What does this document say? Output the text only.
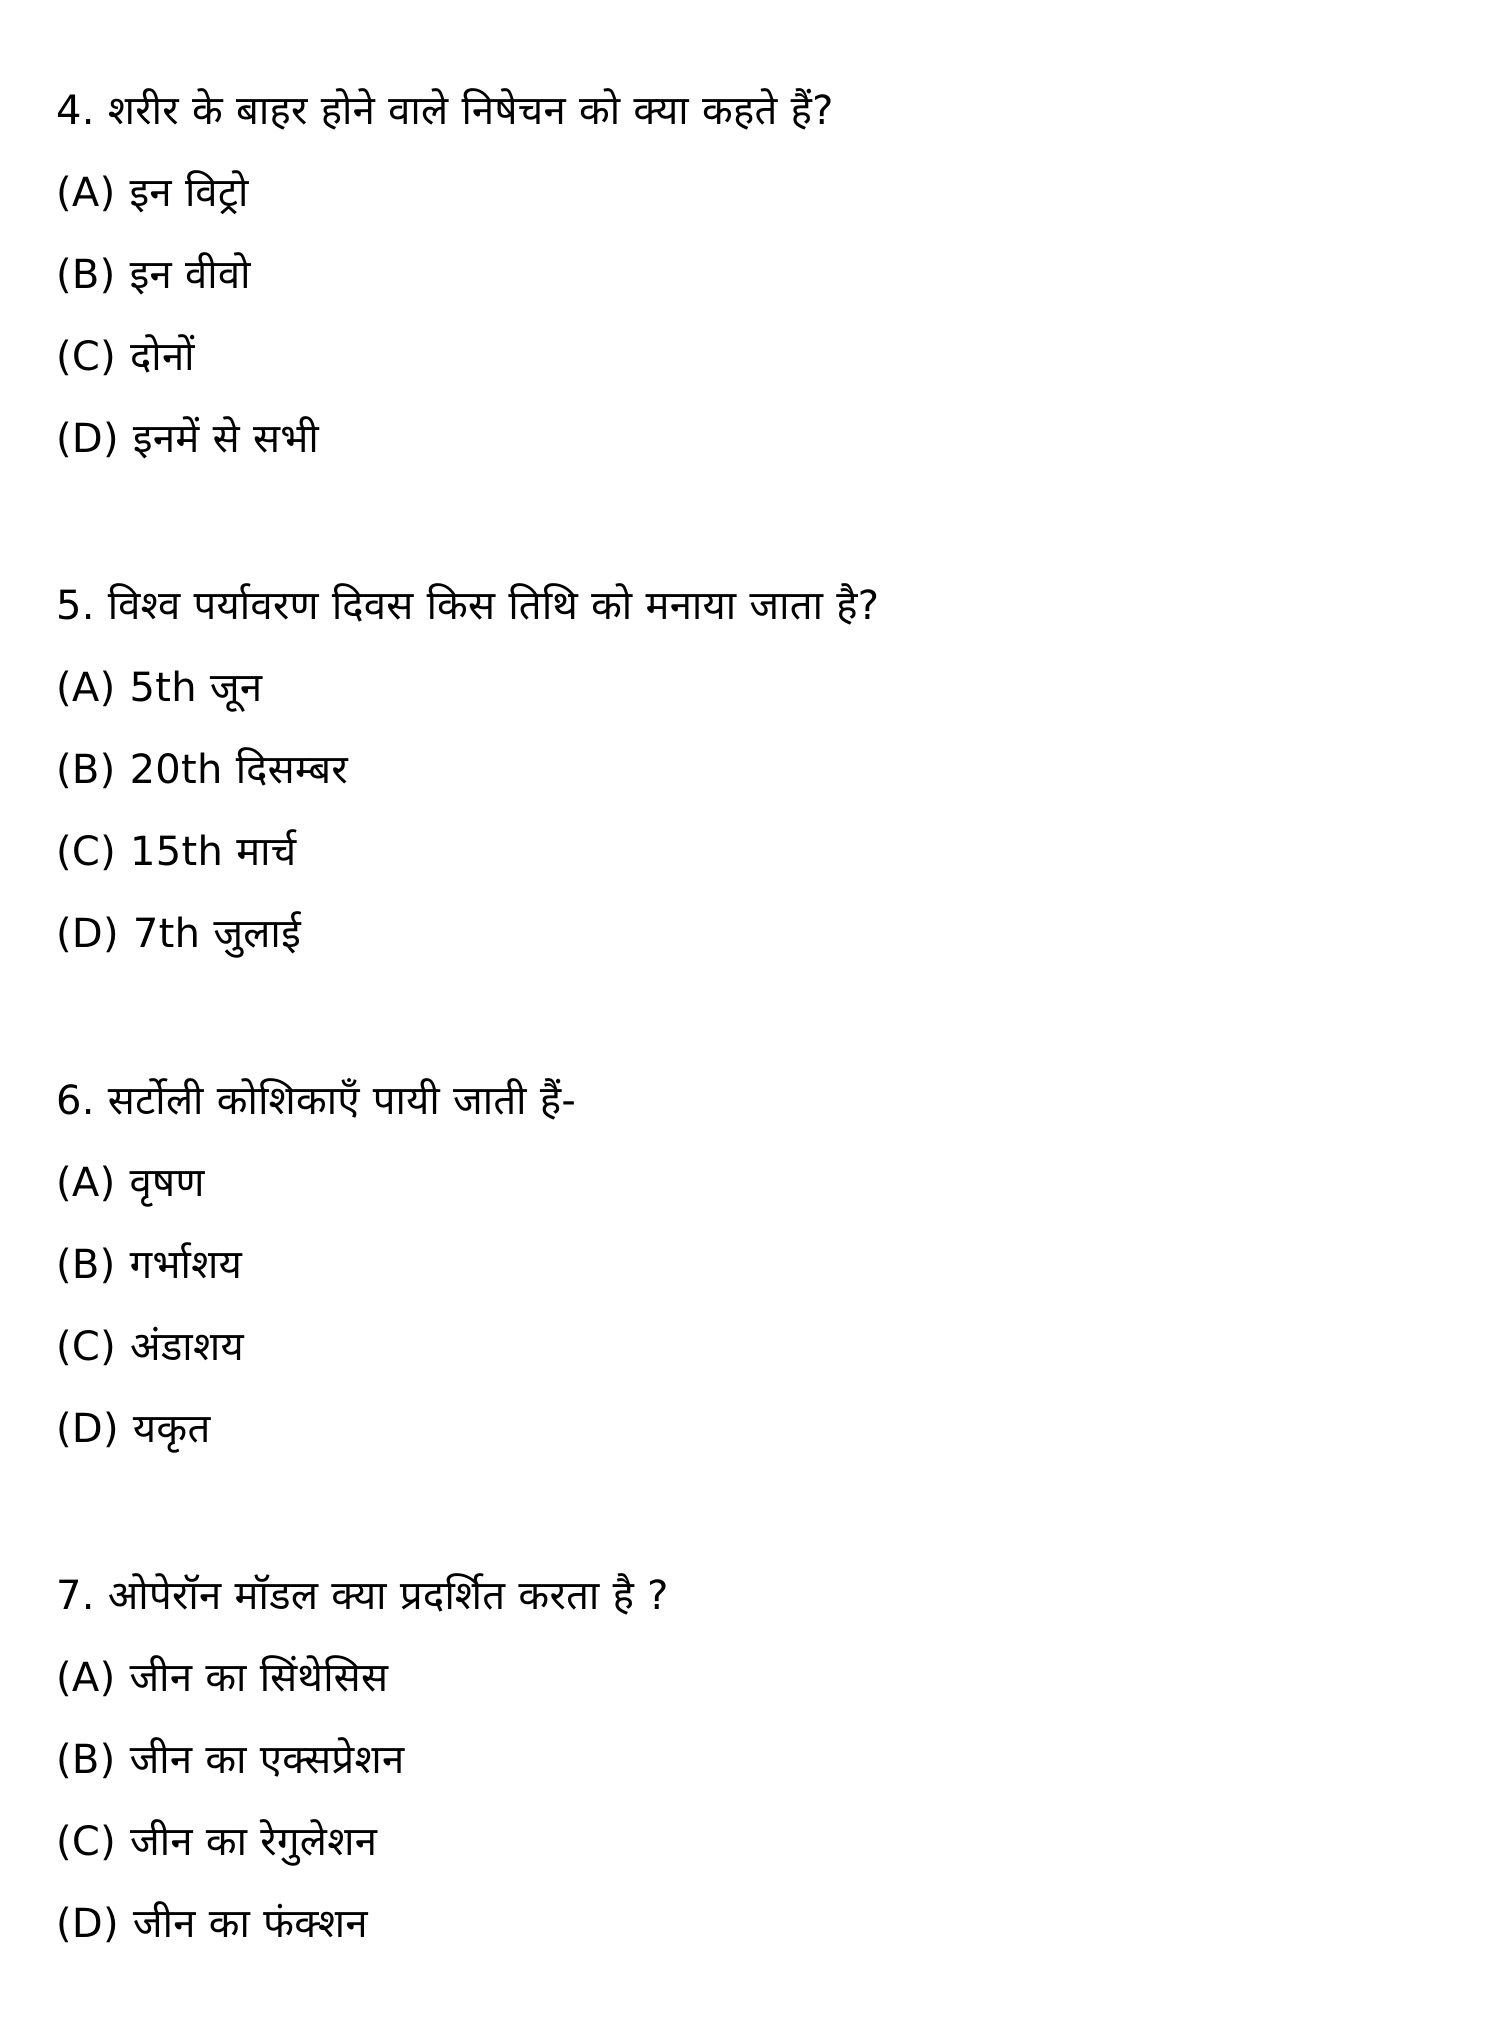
4. शरीर के बाहर होने वाले निषेचन को क्या कहते हैं?
(A) इन विट्रो
(B) इन वीवो
(C) दोनों
(D) इनमें से सभी
5. विश्व पर्यावरण दिवस किस तिथि को मनाया जाता है?
(A) 5th जून
(B) 20th दिसम्बर
(C) 15th मार्च
(D) 7th जुलाई
6. सर्टोली कोशिकाएँ पायी जाती हैं-
(A) वृषण
(B) गर्भाशय
(C) अंडाशय
(D) यकृत
7. ओपेरॉन मॉडल क्या प्रदर्शित करता है ?
(A) जीन का सिंथेसिस
(B) जीन का एक्सप्रेशन
(C) जीन का रेगुलेशन
(D) जीन का फंक्शन
